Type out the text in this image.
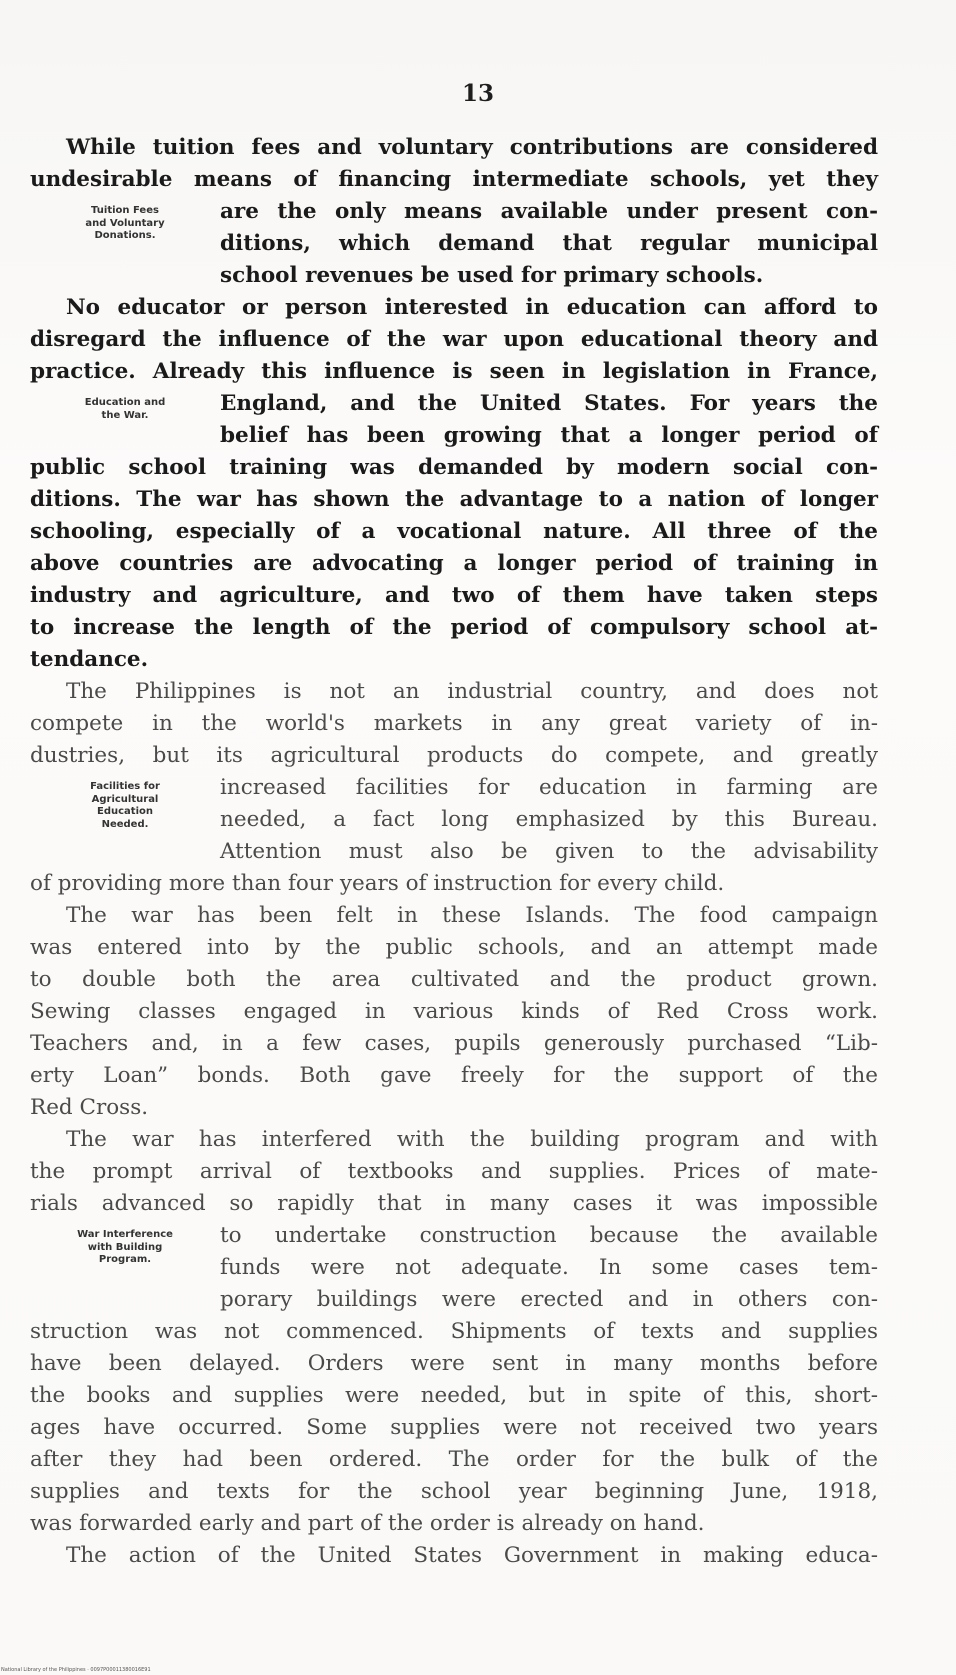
13
While tuition fees and voluntary contributions are considered
undesirable means of financing intermediate schools, yet they
Tuition Fees
and Voluntary
Donations.
are the only means available under present con-
ditions, which demand that regular municipal
school revenues be used for primary schools.
No educator or person interested in education can afford to
disregard the influence of the war upon educational theory and
practice. Already this influence is seen in legislation in France,
Education and
the War.	England, and the United States. For years the
belief has been growing that a longer period of
public school training was demanded by modern social con-
ditions. The war has shown the advantage to a nation of longer
schooling, especially of a vocational nature. All three of the
above countries are advocating a longer period of training in
industry and agriculture, and two of them have taken steps
to increase the length of the period of compulsory school at-
tendance.
The Philippines is not an industrial country, and does not
compete in the world's markets in any great variety of in-
dustries, but its agricultural products do compete, and greatly
Facilities for
Agricultural
Education
Needed.
increased facilities for education in farming are
needed, a fact long emphasized by this Bureau.
Attention must also be given to the advisability
of providing more than four years of instruction for every child.
The war has been felt in these Islands. The food campaign
was entered into by the public schools, and an attempt made
to double both the area cultivated and the product grown.
Sewing classes engaged in various kinds of Red Cross work.
Teachers and, in a few cases, pupils generously purchased “Lib-
erty Loan” bonds. Both gave freely for the support of the
Red Cross.
The war has interfered with the building program and with
the prompt arrival of textbooks and supplies. Prices of mate-
rials advanced so rapidly that in many cases it was impossible
War Interference
with Building
Program.
to undertake construction because the available
funds were not adequate. In some cases tem-
porary buildings were erected and in others con-
struction was not commenced. Shipments of texts and supplies
have been delayed. Orders were sent in many months before
the books and supplies were needed, but in spite of this, short-
ages have occurred. Some supplies were not received two years
after they had been ordered. The order for the bulk of the
supplies and texts for the school year beginning June, 1918,
was forwarded early and part of the order is already on hand.
The action of the United States Government in making educa-
National Library of the Philippines · 0097P00011380016E91
